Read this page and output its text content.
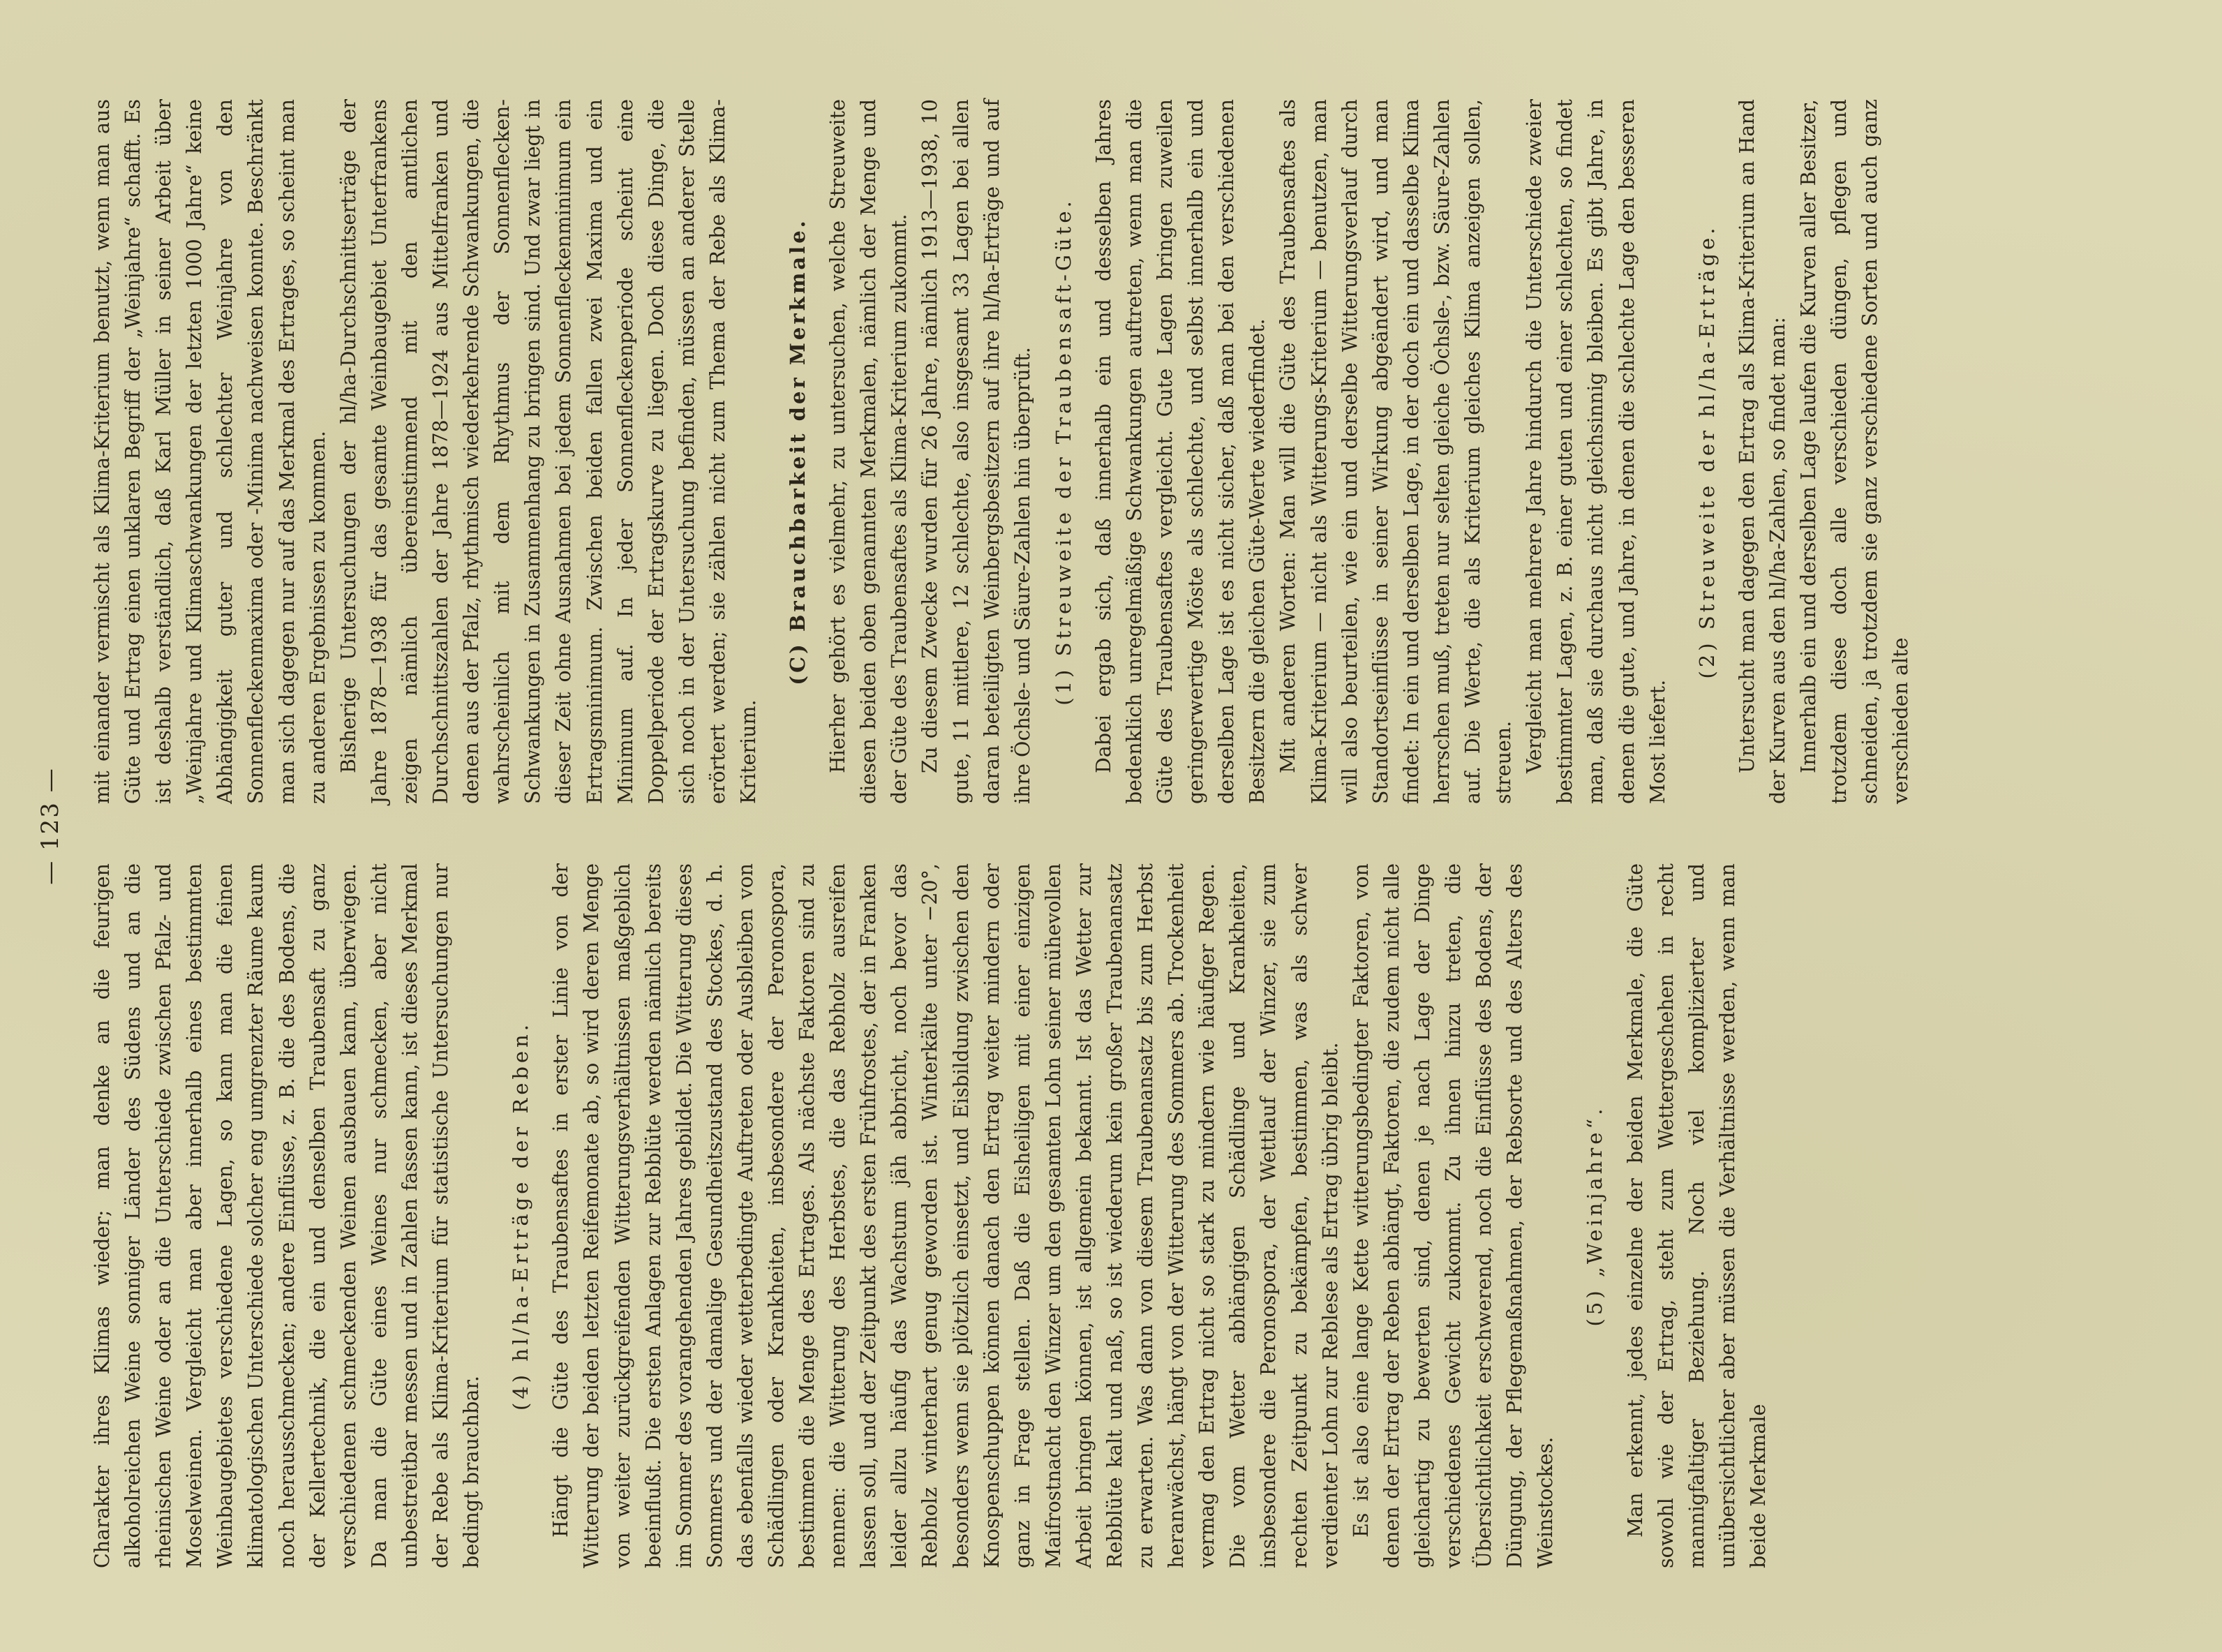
— 123 —

Charakter ihres Klimas wieder; man denke an die feurigen alkoholreichen Weine sonniger Länder des Südens und an die rheinischen Weine oder an die Unterschiede zwischen Pfalz- und Moselweinen. Vergleicht man aber innerhalb eines bestimmten Weinbaugebietes verschiedene Lagen, so kann man die feinen klimatologischen Unterschiede solcher eng umgrenzter Räume kaum noch herausschmecken; andere Einflüsse, z. B. die des Bodens, die der Kellertechnik, die ein und denselben Traubensaft zu ganz verschiedenen schmeckenden Weinen ausbauen kann, überwiegen. Da man die Güte eines Weines nur schmecken, aber nicht unbestreitbar messen und in Zahlen fassen kann, ist dieses Merkmal der Rebe als Klima-Kriterium für statistische Untersuchungen nur bedingt brauchbar.

(4) hl/ha-Erträge der Reben. Hängt die Güte des Traubensaftes in erster Linie von der Witterung der beiden letzten Reifemonate ab, so wird deren Menge von weiter zurückgreifenden Witterungsverhältnissen maßgeblich beeinflußt. Die ersten Anlagen zur Rebblüte werden nämlich bereits im Sommer des vorangehenden Jahres gebildet. Die Witterung dieses Sommers und der damalige Gesundheitszustand des Stockes, d. h. das ebenfalls wieder wetterbedingte Auftreten oder Ausbleiben von Schädlingen oder Krankheiten, insbesondere der Peronospora, bestimmen die Menge des Ertrages. Als nächste Faktoren sind zu nennen: die Witterung des Herbstes, die das Rebholz ausreifen lassen soll, und der Zeitpunkt des ersten Frühfrostes, der in Franken leider allzu häufig das Wachstum jäh abbricht, noch bevor das Rebholz winterhart genug geworden ist. Winterkälte unter −20°, besonders wenn sie plötzlich einsetzt, und Eisbildung zwischen den Knospenschuppen können danach den Ertrag weiter mindern oder ganz in Frage stellen. Daß die Eisheiligen mit einer einzigen Maifrostnacht den Winzer um den gesamten Lohn seiner mühevollen Arbeit bringen können, ist allgemein bekannt. Ist das Wetter zur Rebblüte kalt und naß, so ist wiederum kein großer Traubenansatz zu erwarten. Was dann von diesem Traubenansatz bis zum Herbst heranwächst, hängt von der Witterung des Sommers ab. Trockenheit vermag den Ertrag nicht so stark zu mindern wie häufiger Regen. Die vom Wetter abhängigen Schädlinge und Krankheiten, insbesondere die Peronospora, der Wettlauf der Winzer, sie zum rechten Zeitpunkt zu bekämpfen, bestimmen, was als schwer verdienter Lohn zur Reblese als Ertrag übrig bleibt. Es ist also eine lange Kette witterungsbedingter Faktoren, von denen der Ertrag der Reben abhängt, Faktoren, die zudem nicht alle gleichartig zu bewerten sind, denen je nach Lage der Dinge verschiedenes Gewicht zukommt. Zu ihnen hinzu treten, die Übersichtlichkeit erschwerend, noch die Einflüsse des Bodens, der Düngung, der Pflegemaßnahmen, der Rebsorte und des Alters des Weinstockes.

(5) „Weinjahre“. Man erkennt, jedes einzelne der beiden Merkmale, die Güte sowohl wie der Ertrag, steht zum Wettergeschehen in recht mannigfaltiger Beziehung. Noch viel komplizierter und unübersichtlicher aber müssen die Verhältnisse werden, wenn man beide Merkmale

mit einander vermischt als Klima-Kriterium benutzt, wenn man aus Güte und Ertrag einen unklaren Begriff der „Weinjahre“ schafft. Es ist deshalb verständlich, daß Karl Müller in seiner Arbeit über „Weinjahre und Klimaschwankungen der letzten 1000 Jahre“ keine Abhängigkeit guter und schlechter Weinjahre von den Sonnenfleckenmaxima oder -Minima nachweisen konnte. Beschränkt man sich dagegen nur auf das Merkmal des Ertrages, so scheint man zu anderen Ergebnissen zu kommen. Bisherige Untersuchungen der hl/ha-Durchschnittserträge der Jahre 1878—1938 für das gesamte Weinbaugebiet Unterfrankens zeigen nämlich übereinstimmend mit den amtlichen Durchschnittszahlen der Jahre 1878—1924 aus Mittelfranken und denen aus der Pfalz, rhythmisch wiederkehrende Schwankungen, die wahrscheinlich mit dem Rhythmus der Sonnenflecken-Schwankungen in Zusammenhang zu bringen sind. Und zwar liegt in dieser Zeit ohne Ausnahmen bei jedem Sonnenfleckenminimum ein Ertragsminimum. Zwischen beiden fallen zwei Maxima und ein Minimum auf. In jeder Sonnenfleckenperiode scheint eine Doppelperiode der Ertragskurve zu liegen. Doch diese Dinge, die sich noch in der Untersuchung befinden, müssen an anderer Stelle erörtert werden; sie zählen nicht zum Thema der Rebe als Klima-Kriterium.

(C) Brauchbarkeit der Merkmale. Hierher gehört es vielmehr, zu untersuchen, welche Streuweite diesen beiden oben genannten Merkmalen, nämlich der Menge und der Güte des Traubensaftes als Klima-Kriterium zukommt. Zu diesem Zwecke wurden für 26 Jahre, nämlich 1913—1938, 10 gute, 11 mittlere, 12 schlechte, also insgesamt 33 Lagen bei allen daran beteiligten Weinbergsbesitzern auf ihre hl/ha-Erträge und auf ihre Öchsle- und Säure-Zahlen hin überprüft. (1) Streuweite der Traubensaft-Güte. Dabei ergab sich, daß innerhalb ein und desselben Jahres bedenklich unregelmäßige Schwankungen auftreten, wenn man die Güte des Traubensaftes vergleicht. Gute Lagen bringen zuweilen geringerwertige Möste als schlechte, und selbst innerhalb ein und derselben Lage ist es nicht sicher, daß man bei den verschiedenen Besitzern die gleichen Güte-Werte wiederfindet. Mit anderen Worten: Man will die Güte des Traubensaftes als Klima-Kriterium — nicht als Witterungs-Kriterium — benutzen, man will also beurteilen, wie ein und derselbe Witterungsverlauf durch Standortseinflüsse in seiner Wirkung abgeändert wird, und man findet: In ein und derselben Lage, in der doch ein und dasselbe Klima herrschen muß, treten nur selten gleiche Öchsle-, bzw. Säure-Zahlen auf. Die Werte, die als Kriterium gleiches Klima anzeigen sollen, streuen. Vergleicht man mehrere Jahre hindurch die Unterschiede zweier bestimmter Lagen, z. B. einer guten und einer schlechten, so findet man, daß sie durchaus nicht gleichsinnig bleiben. Es gibt Jahre, in denen die gute, und Jahre, in denen die schlechte Lage den besseren Most liefert.

(2) Streuweite der hl/ha-Erträge. Untersucht man dagegen den Ertrag als Klima-Kriterium an Hand der Kurven aus den hl/ha-Zahlen, so findet man: Innerhalb ein und derselben Lage laufen die Kurven aller Besitzer, trotzdem diese doch alle verschieden düngen, pflegen und schneiden, ja trotzdem sie ganz verschiedene Sorten und auch ganz verschieden alte
